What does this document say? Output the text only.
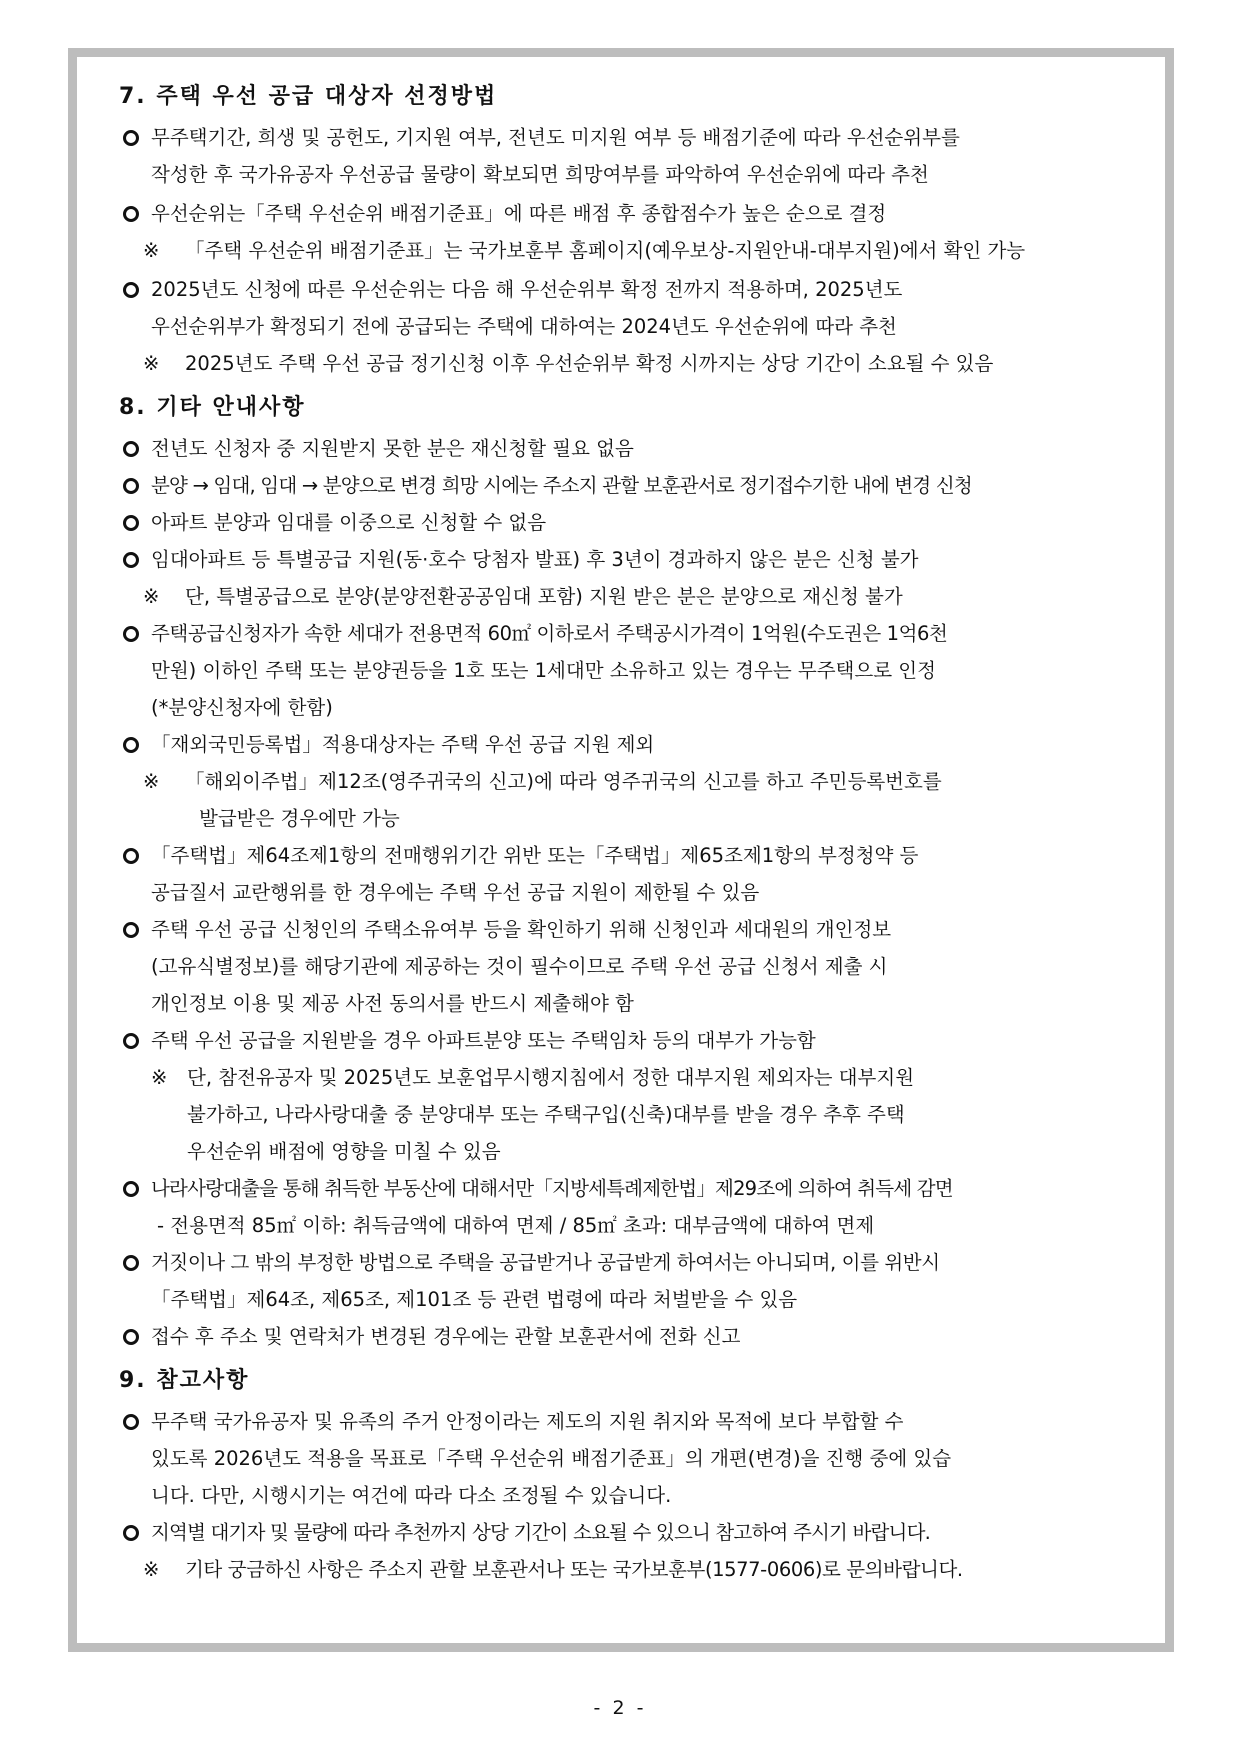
7. 주택 우선 공급 대상자 선정방법
무주택기간, 희생 및 공헌도, 기지원 여부, 전년도 미지원 여부 등 배점기준에 따라 우선순위부를
작성한 후 국가유공자 우선공급 물량이 확보되면 희망여부를 파악하여 우선순위에 따라 추천
우선순위는「주택 우선순위 배점기준표」에 따른 배점 후 종합점수가 높은 순으로 결정
※ 「주택 우선순위 배점기준표」는 국가보훈부 홈페이지(예우보상-지원안내-대부지원)에서 확인 가능
2025년도 신청에 따른 우선순위는 다음 해 우선순위부 확정 전까지 적용하며, 2025년도
우선순위부가 확정되기 전에 공급되는 주택에 대하여는 2024년도 우선순위에 따라 추천
※ 2025년도 주택 우선 공급 정기신청 이후 우선순위부 확정 시까지는 상당 기간이 소요될 수 있음
8. 기타 안내사항
전년도 신청자 중 지원받지 못한 분은 재신청할 필요 없음
분양 → 임대, 임대 → 분양으로 변경 희망 시에는 주소지 관할 보훈관서로 정기접수기한 내에 변경 신청
아파트 분양과 임대를 이중으로 신청할 수 없음
임대아파트 등 특별공급 지원(동·호수 당첨자 발표) 후 3년이 경과하지 않은 분은 신청 불가
※ 단, 특별공급으로 분양(분양전환공공임대 포함) 지원 받은 분은 분양으로 재신청 불가
주택공급신청자가 속한 세대가 전용면적 60㎡ 이하로서 주택공시가격이 1억원(수도권은 1억6천
만원) 이하인 주택 또는 분양권등을 1호 또는 1세대만 소유하고 있는 경우는 무주택으로 인정
(*분양신청자에 한함)
「재외국민등록법」적용대상자는 주택 우선 공급 지원 제외
※ 「해외이주법」제12조(영주귀국의 신고)에 따라 영주귀국의 신고를 하고 주민등록번호를
발급받은 경우에만 가능
「주택법」제64조제1항의 전매행위기간 위반 또는「주택법」제65조제1항의 부정청약 등
공급질서 교란행위를 한 경우에는 주택 우선 공급 지원이 제한될 수 있음
주택 우선 공급 신청인의 주택소유여부 등을 확인하기 위해 신청인과 세대원의 개인정보
(고유식별정보)를 해당기관에 제공하는 것이 필수이므로 주택 우선 공급 신청서 제출 시
개인정보 이용 및 제공 사전 동의서를 반드시 제출해야 함
주택 우선 공급을 지원받을 경우 아파트분양 또는 주택임차 등의 대부가 가능함
※ 단, 참전유공자 및 2025년도 보훈업무시행지침에서 정한 대부지원 제외자는 대부지원
불가하고, 나라사랑대출 중 분양대부 또는 주택구입(신축)대부를 받을 경우 추후 주택
우선순위 배점에 영향을 미칠 수 있음
나라사랑대출을 통해 취득한 부동산에 대해서만「지방세특례제한법」제29조에 의하여 취득세 감면
- 전용면적 85㎡ 이하: 취득금액에 대하여 면제 / 85㎡ 초과: 대부금액에 대하여 면제
거짓이나 그 밖의 부정한 방법으로 주택을 공급받거나 공급받게 하여서는 아니되며, 이를 위반시
「주택법」제64조, 제65조, 제101조 등 관련 법령에 따라 처벌받을 수 있음
접수 후 주소 및 연락처가 변경된 경우에는 관할 보훈관서에 전화 신고
9. 참고사항
무주택 국가유공자 및 유족의 주거 안정이라는 제도의 지원 취지와 목적에 보다 부합할 수
있도록 2026년도 적용을 목표로「주택 우선순위 배점기준표」의 개편(변경)을 진행 중에 있습
니다. 다만, 시행시기는 여건에 따라 다소 조정될 수 있습니다.
지역별 대기자 및 물량에 따라 추천까지 상당 기간이 소요될 수 있으니 참고하여 주시기 바랍니다.
※ 기타 궁금하신 사항은 주소지 관할 보훈관서나 또는 국가보훈부(1577-0606)로 문의바랍니다.
- 2 -
